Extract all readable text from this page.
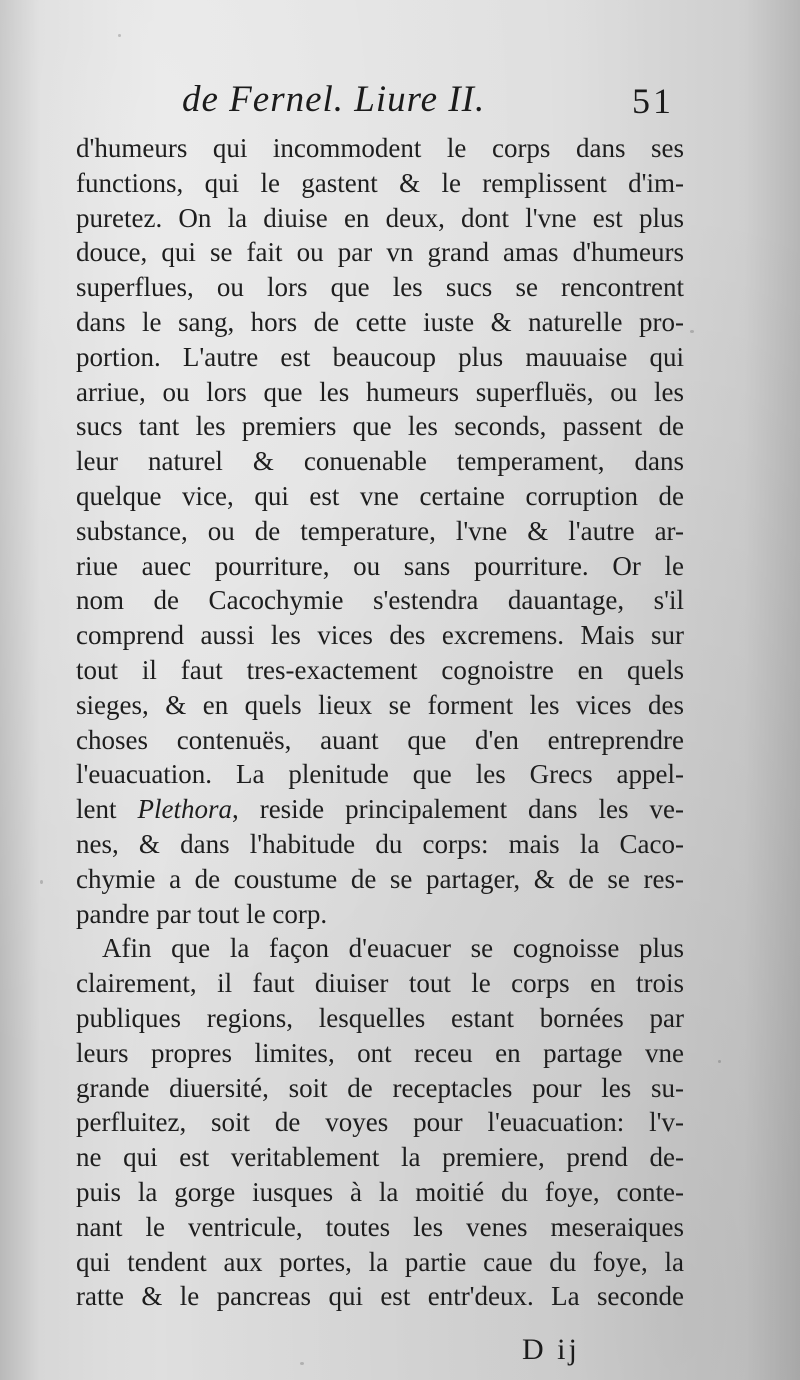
de Fernel. Liure II.	51
d'humeurs qui incommodent le corps dans ses
functions, qui le gastent & le remplissent d'im-
puretez. On la diuise en deux, dont l'vne est plus
douce, qui se fait ou par vn grand amas d'humeurs
superflues, ou lors que les sucs se rencontrent
dans le sang, hors de cette iuste & naturelle pro-
portion. L'autre est beaucoup plus mauuaise qui
arriue, ou lors que les humeurs superfluës, ou les
sucs tant les premiers que les seconds, passent de
leur naturel & conuenable temperament, dans
quelque vice, qui est vne certaine corruption de
substance, ou de temperature, l'vne & l'autre ar-
riue auec pourriture, ou sans pourriture. Or le
nom de Cacochymie s'estendra dauantage, s'il
comprend aussi les vices des excremens. Mais sur
tout il faut tres-exactement cognoistre en quels
sieges, & en quels lieux se forment les vices des
choses contenuës, auant que d'en entreprendre
l'euacuation. La plenitude que les Grecs appel-
lent Plethora, reside principalement dans les ve-
nes, & dans l'habitude du corps: mais la Caco-
chymie a de coustume de se partager, & de se res-
pandre par tout le corp.
Afin que la façon d'euacuer se cognoisse plus
clairement, il faut diuiser tout le corps en trois
publiques regions, lesquelles estant bornées par
leurs propres limites, ont receu en partage vne
grande diuersité, soit de receptacles pour les su-
perfluitez, soit de voyes pour l'euacuation: l'v-
ne qui est veritablement la premiere, prend de-
puis la gorge iusques à la moitié du foye, conte-
nant le ventricule, toutes les venes meseraiques
qui tendent aux portes, la partie caue du foye, la
ratte & le pancreas qui est entr'deux. La seconde
D ij
